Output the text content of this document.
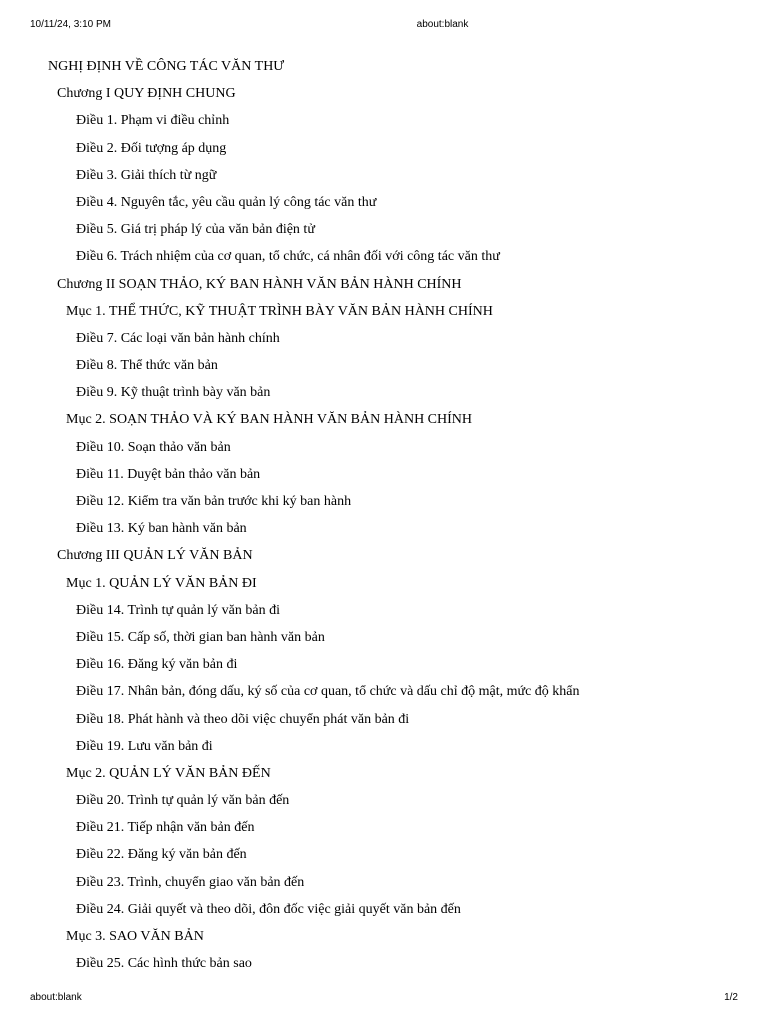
10/11/24, 3:10 PM	about:blank
NGHỊ ĐỊNH VỀ CÔNG TÁC VĂN THƯ
Chương I QUY ĐỊNH CHUNG
Điều 1. Phạm vi điều chỉnh
Điều 2. Đối tượng áp dụng
Điều 3. Giải thích từ ngữ
Điều 4. Nguyên tắc, yêu cầu quản lý công tác văn thư
Điều 5. Giá trị pháp lý của văn bản điện tử
Điều 6. Trách nhiệm của cơ quan, tổ chức, cá nhân đối với công tác văn thư
Chương II SOẠN THẢO, KÝ BAN HÀNH VĂN BẢN HÀNH CHÍNH
Mục 1. THỂ THỨC, KỸ THUẬT TRÌNH BÀY VĂN BẢN HÀNH CHÍNH
Điều 7. Các loại văn bản hành chính
Điều 8. Thể thức văn bản
Điều 9. Kỹ thuật trình bày văn bản
Mục 2. SOẠN THẢO VÀ KÝ BAN HÀNH VĂN BẢN HÀNH CHÍNH
Điều 10. Soạn thảo văn bản
Điều 11. Duyệt bản thảo văn bản
Điều 12. Kiểm tra văn bản trước khi ký ban hành
Điều 13. Ký ban hành văn bản
Chương III QUẢN LÝ VĂN BẢN
Mục 1. QUẢN LÝ VĂN BẢN ĐI
Điều 14. Trình tự quản lý văn bản đi
Điều 15. Cấp số, thời gian ban hành văn bản
Điều 16. Đăng ký văn bản đi
Điều 17. Nhân bản, đóng dấu, ký số của cơ quan, tổ chức và dấu chỉ độ mật, mức độ khẩn
Điều 18. Phát hành và theo dõi việc chuyển phát văn bản đi
Điều 19. Lưu văn bản đi
Mục 2. QUẢN LÝ VĂN BẢN ĐẾN
Điều 20. Trình tự quản lý văn bản đến
Điều 21. Tiếp nhận văn bản đến
Điều 22. Đăng ký văn bản đến
Điều 23. Trình, chuyển giao văn bản đến
Điều 24. Giải quyết và theo dõi, đôn đốc việc giải quyết văn bản đến
Mục 3. SAO VĂN BẢN
Điều 25. Các hình thức bản sao
about:blank	1/2
